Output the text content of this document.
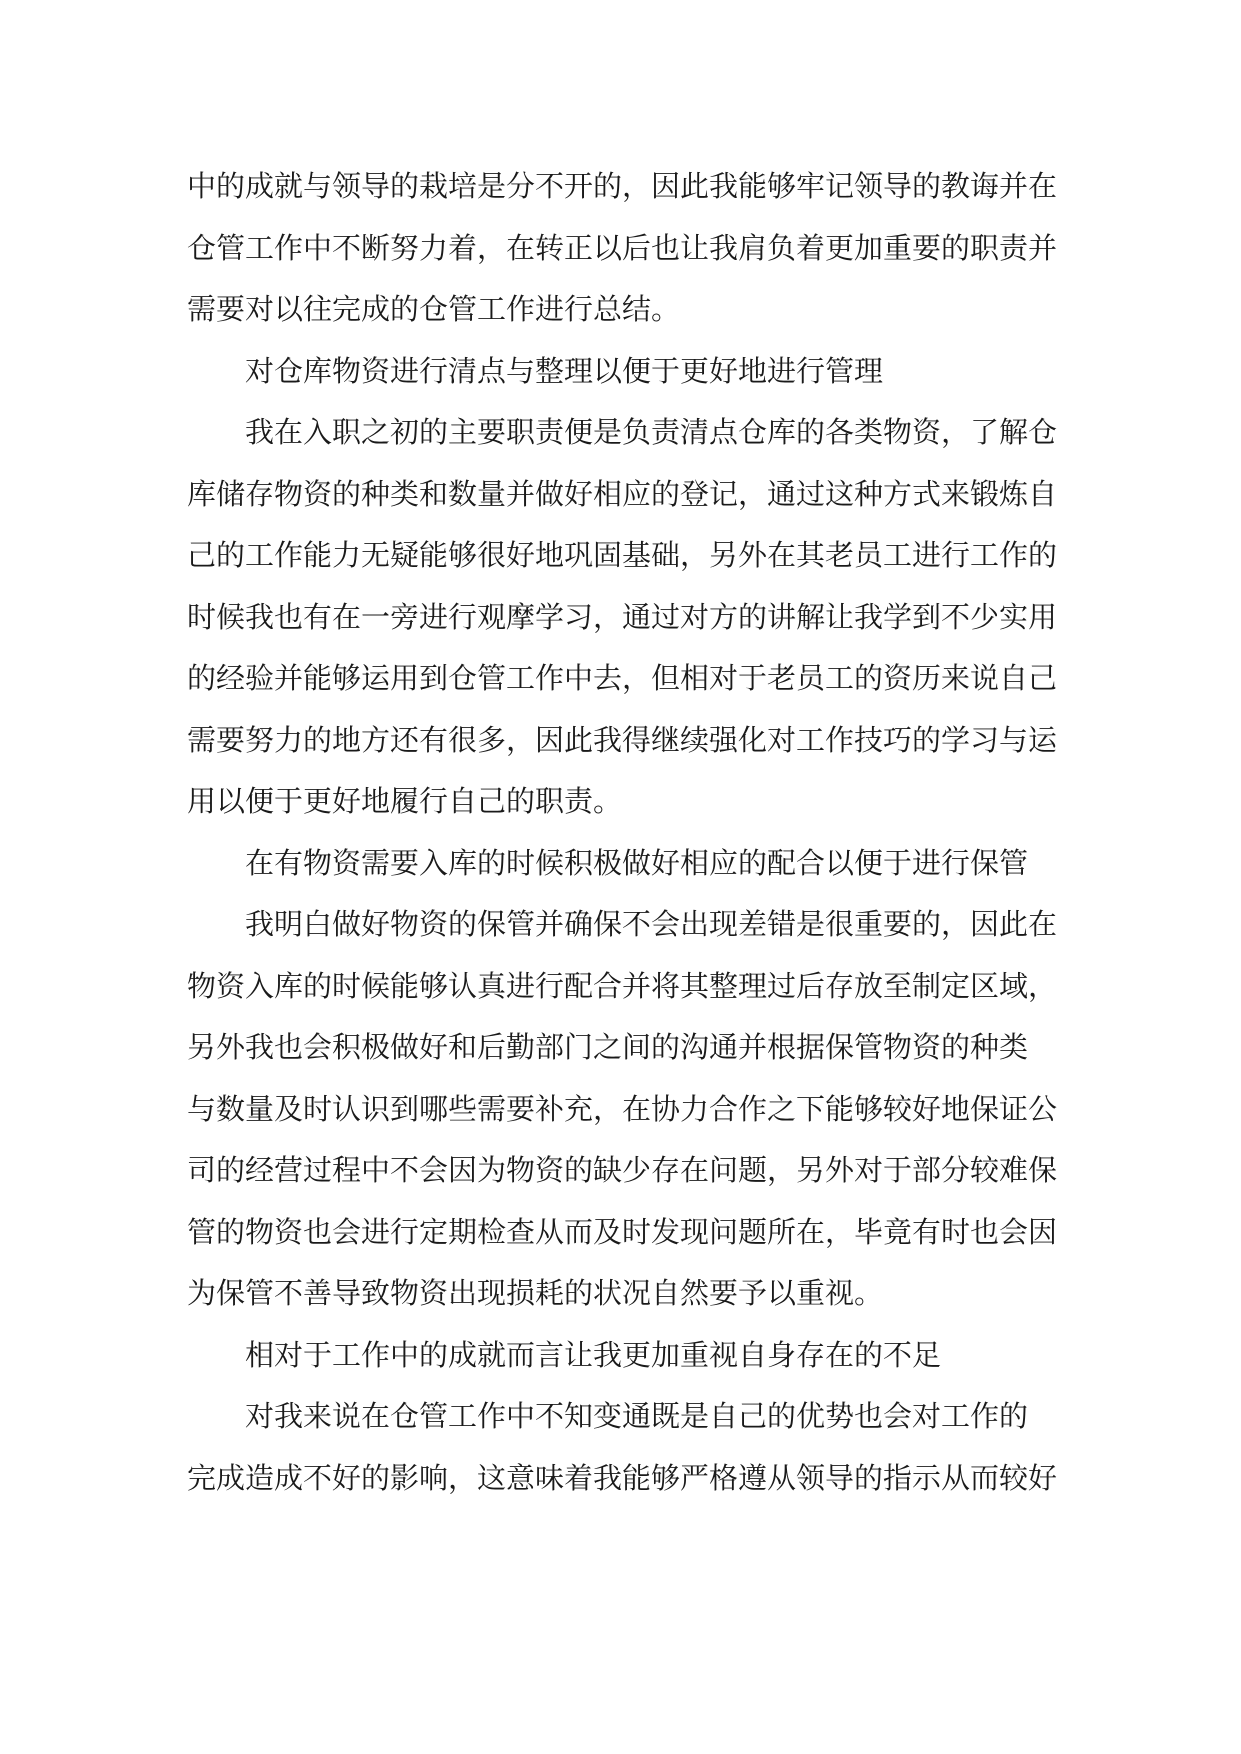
中的成就与领导的栽培是分不开的，因此我能够牢记领导的教诲并在
仓管工作中不断努力着，在转正以后也让我肩负着更加重要的职责并
需要对以往完成的仓管工作进行总结。
对仓库物资进行清点与整理以便于更好地进行管理
我在入职之初的主要职责便是负责清点仓库的各类物资，了解仓
库储存物资的种类和数量并做好相应的登记，通过这种方式来锻炼自
己的工作能力无疑能够很好地巩固基础，另外在其老员工进行工作的
时候我也有在一旁进行观摩学习，通过对方的讲解让我学到不少实用
的经验并能够运用到仓管工作中去，但相对于老员工的资历来说自己
需要努力的地方还有很多，因此我得继续强化对工作技巧的学习与运
用以便于更好地履行自己的职责。
在有物资需要入库的时候积极做好相应的配合以便于进行保管
我明白做好物资的保管并确保不会出现差错是很重要的，因此在
物资入库的时候能够认真进行配合并将其整理过后存放至制定区域，
另外我也会积极做好和后勤部门之间的沟通并根据保管物资的种类
与数量及时认识到哪些需要补充，在协力合作之下能够较好地保证公
司的经营过程中不会因为物资的缺少存在问题，另外对于部分较难保
管的物资也会进行定期检查从而及时发现问题所在，毕竟有时也会因
为保管不善导致物资出现损耗的状况自然要予以重视。
相对于工作中的成就而言让我更加重视自身存在的不足
对我来说在仓管工作中不知变通既是自己的优势也会对工作的
完成造成不好的影响，这意味着我能够严格遵从领导的指示从而较好
